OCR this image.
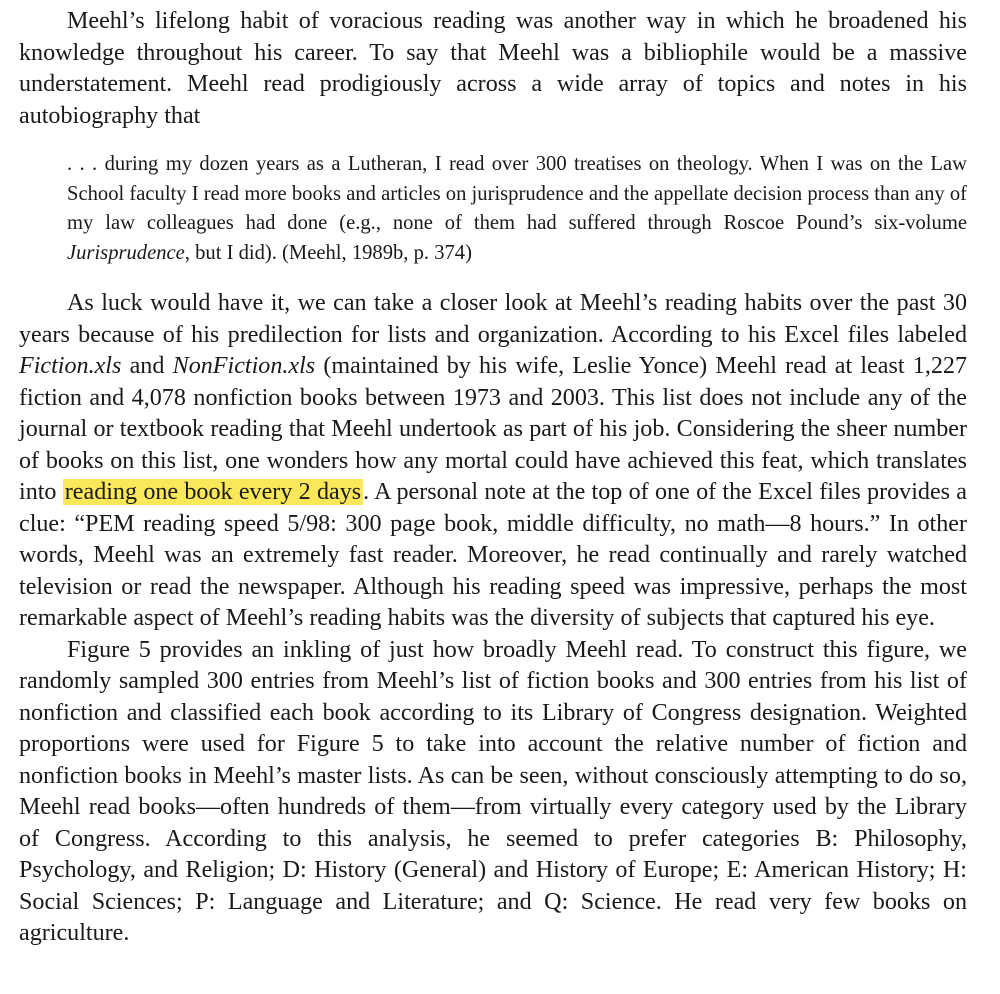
Meehl’s lifelong habit of voracious reading was another way in which he broadened his knowledge throughout his career. To say that Meehl was a bibliophile would be a massive understatement. Meehl read prodigiously across a wide array of topics and notes in his autobiography that

. . . during my dozen years as a Lutheran, I read over 300 treatises on theology. When I was on the Law School faculty I read more books and articles on jurisprudence and the appellate decision process than any of my law colleagues had done (e.g., none of them had suffered through Roscoe Pound’s six-volume Jurisprudence, but I did). (Meehl, 1989b, p. 374)

As luck would have it, we can take a closer look at Meehl’s reading habits over the past 30 years because of his predilection for lists and organization. According to his Excel files labeled Fiction.xls and NonFiction.xls (maintained by his wife, Leslie Yonce) Meehl read at least 1,227 fiction and 4,078 nonfiction books between 1973 and 2003. This list does not include any of the journal or textbook reading that Meehl undertook as part of his job. Considering the sheer number of books on this list, one wonders how any mortal could have achieved this feat, which translates into reading one book every 2 days. A personal note at the top of one of the Excel files provides a clue: “PEM reading speed 5/98: 300 page book, middle difficulty, no math—8 hours.” In other words, Meehl was an extremely fast reader. Moreover, he read continually and rarely watched television or read the newspaper. Although his reading speed was impressive, perhaps the most remarkable aspect of Meehl’s reading habits was the diversity of subjects that captured his eye.

Figure 5 provides an inkling of just how broadly Meehl read. To construct this figure, we randomly sampled 300 entries from Meehl’s list of fiction books and 300 entries from his list of nonfiction and classified each book according to its Library of Congress designation. Weighted proportions were used for Figure 5 to take into account the relative number of fiction and nonfiction books in Meehl’s master lists. As can be seen, without consciously attempting to do so, Meehl read books—often hundreds of them—from virtually every category used by the Library of Congress. According to this analysis, he seemed to prefer categories B: Philosophy, Psychology, and Religion; D: History (General) and History of Europe; E: American History; H: Social Sciences; P: Language and Literature; and Q: Science. He read very few books on agriculture.
